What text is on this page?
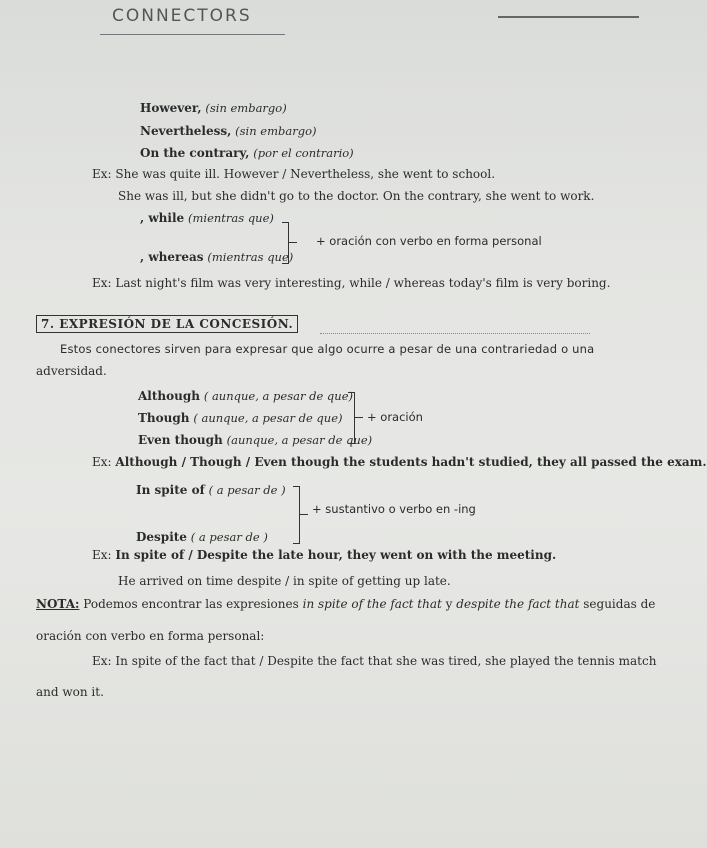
CONNECTORS
However, (sin embargo)
Nevertheless, (sin embargo)
On the contrary, (por el contrario)
Ex: She was quite ill. However / Nevertheless, she went to school.
She was ill, but she didn't go to the doctor. On the contrary, she went to work.
, while (mientras que)
, whereas (mientras que)
+ oración con verbo en forma personal
Ex: Last night's film was very interesting, while / whereas today's film is very boring.
7. EXPRESIÓN DE LA CONCESIÓN.
Estos conectores sirven para expresar que algo ocurre a pesar de una contrariedad o una
adversidad.
Although ( aunque, a pesar de que)
Though ( aunque, a pesar de que)
Even though (aunque, a pesar de que)
+ oración
Ex: Although / Though / Even though the students hadn't studied, they all passed the exam.
In spite of ( a pesar de )
Despite ( a pesar de )
+ sustantivo o verbo en -ing
Ex: In spite of / Despite the late hour, they went on with the meeting.
He arrived on time despite / in spite of getting up late.
NOTA: Podemos encontrar las expresiones in spite of the fact that y despite the fact that seguidas de
oración con verbo en forma personal:
Ex: In spite of the fact that / Despite the fact that she was tired, she played the tennis match
and won it.
